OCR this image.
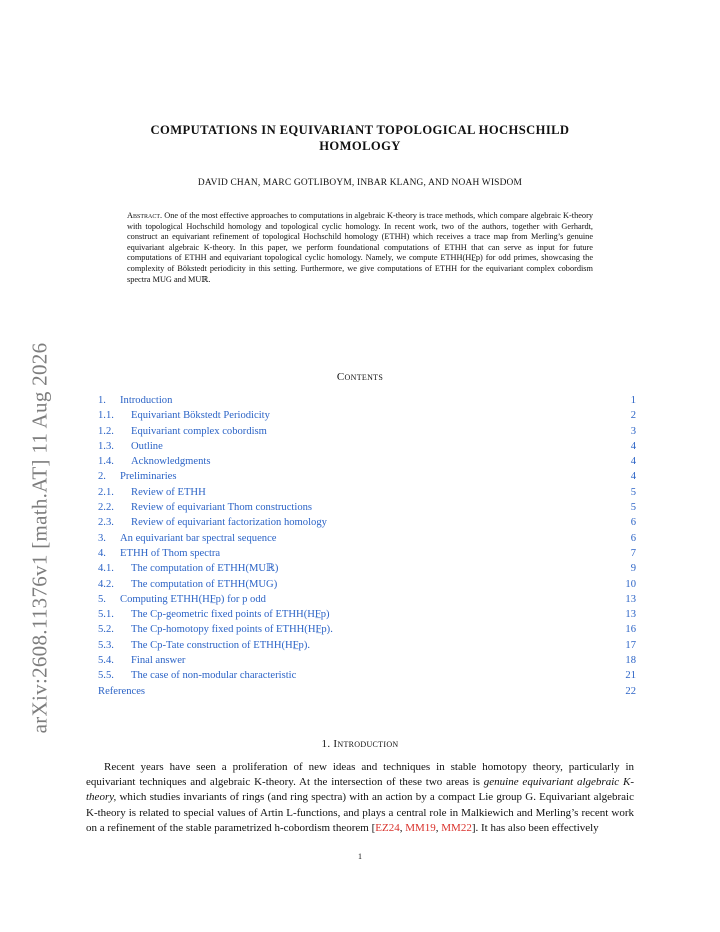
arXiv:2608.11376v1 [math.AT] 11 Aug 2026
COMPUTATIONS IN EQUIVARIANT TOPOLOGICAL HOCHSCHILD
HOMOLOGY
DAVID CHAN, MARC GOTLIBOYM, INBAR KLANG, AND NOAH WISDOM
Abstract. One of the most effective approaches to computations in algebraic K-theory is trace methods, which compare algebraic K-theory with topological Hochschild homology and topological cyclic homology. In recent work, two of the authors, together with Gerhardt, construct an equivariant refinement of topological Hochschild homology (ETHH) which receives a trace map from Merling’s genuine equivariant algebraic K-theory. In this paper, we perform foundational computations of ETHH that can serve as input for future computations of ETHH and equivariant topological cyclic homology. Namely, we compute ETHH(HF̲p) for odd primes, showcasing the complexity of Bökstedt periodicity in this setting. Furthermore, we give computations of ETHH for the equivariant complex cobordism spectra MUG and MUℝ.
Contents
1. Introduction	1
1.1. Equivariant Bökstedt Periodicity	2
1.2. Equivariant complex cobordism	3
1.3. Outline	4
1.4. Acknowledgments	4
2. Preliminaries	4
2.1. Review of ETHH	5
2.2. Review of equivariant Thom constructions	5
2.3. Review of equivariant factorization homology	6
3. An equivariant bar spectral sequence	6
4. ETHH of Thom spectra	7
4.1. The computation of ETHH(MUℝ)	9
4.2. The computation of ETHH(MUG)	10
5. Computing ETHH(HF̲p) for p odd	13
5.1. The Cp-geometric fixed points of ETHH(HF̲p)	13
5.2. The Cp-homotopy fixed points of ETHH(HF̲p).	16
5.3. The Cp-Tate construction of ETHH(HF̲p).	17
5.4. Final answer	18
5.5. The case of non-modular characteristic	21
References	22
1. Introduction

Recent years have seen a proliferation of new ideas and techniques in stable homotopy theory, particularly in equivariant techniques and algebraic K-theory. At the intersection of these two areas is genuine equivariant algebraic K-theory, which studies invariants of rings (and ring spectra) with an action by a compact Lie group G. Equivariant algebraic K-theory is related to special values of Artin L-functions, and plays a central role in Malkiewich and Merling’s recent work on a refinement of the stable parametrized h-cobordism theorem [EZ24, MM19, MM22]. It has also been effectively

1
